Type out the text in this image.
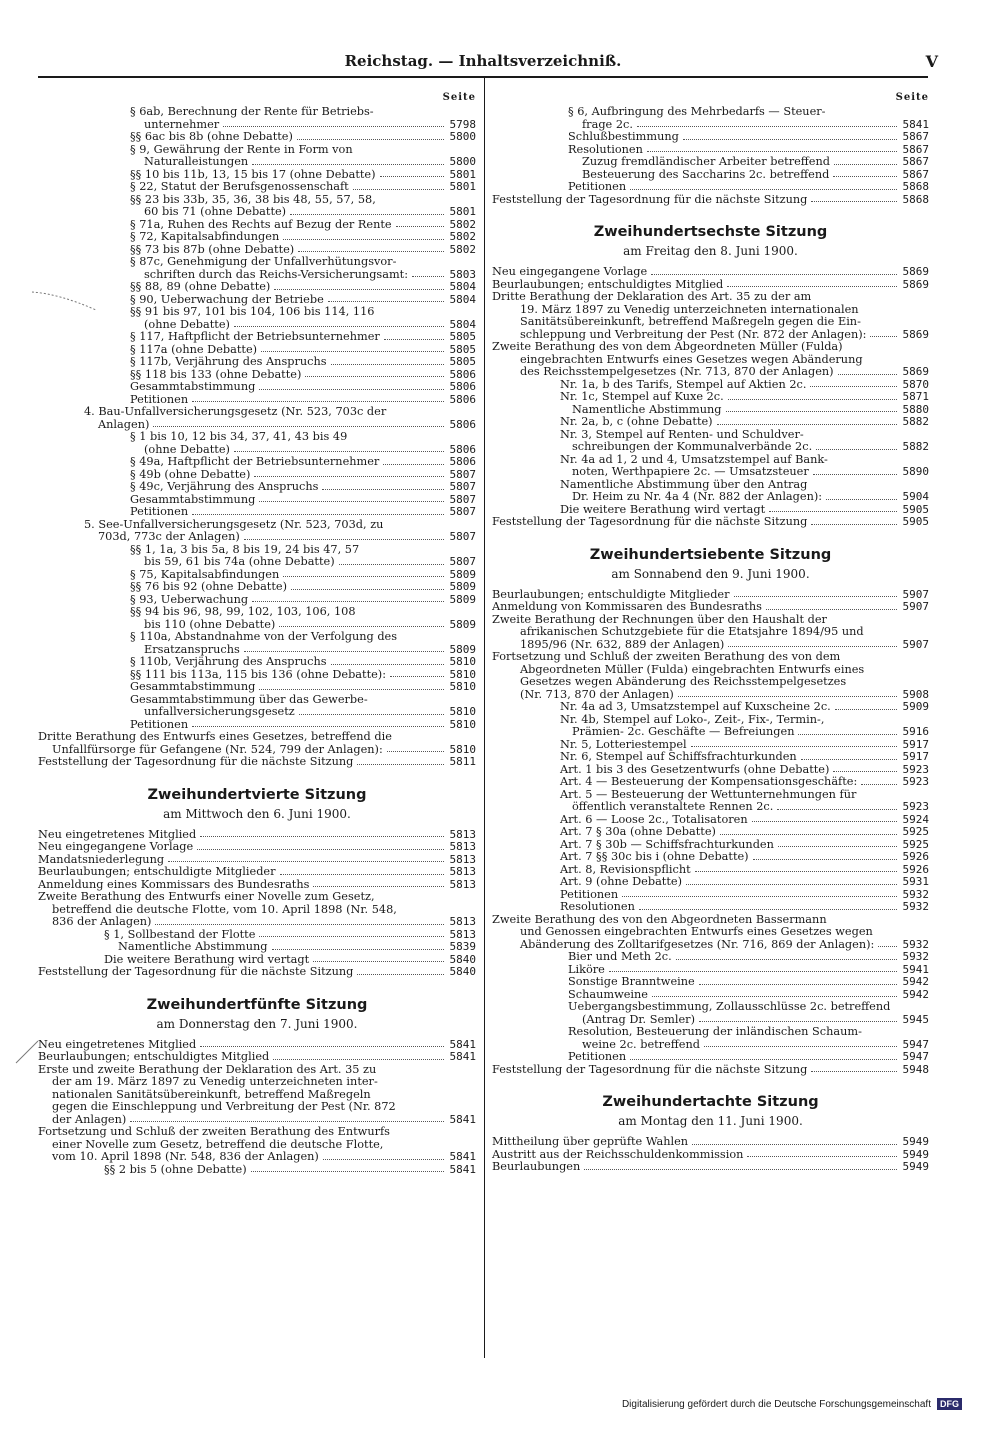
Reichstag. — Inhaltsverzeichniß.	V
Seite
§ 6ab, Berechnung der Rente für Betriebs-
unternehmer	5798
§§ 6ac bis 8b (ohne Debatte)	5800
§ 9, Gewährung der Rente in Form von
Naturalleistungen	5800
§§ 10 bis 11b, 13, 15 bis 17 (ohne Debatte)	5801
§ 22, Statut der Berufsgenossenschaft	5801
§§ 23 bis 33b, 35, 36, 38 bis 48, 55, 57, 58,
60 bis 71 (ohne Debatte)	5801
§ 71a, Ruhen des Rechts auf Bezug der Rente	5802
§ 72, Kapitalsabfindungen	5802
§§ 73 bis 87b (ohne Debatte)	5802
§ 87c, Genehmigung der Unfallverhütungsvor-
schriften durch das Reichs-Versicherungsamt:	5803
§§ 88, 89 (ohne Debatte)	5804
§ 90, Ueberwachung der Betriebe	5804
§§ 91 bis 97, 101 bis 104, 106 bis 114, 116
(ohne Debatte)	5804
§ 117, Haftpflicht der Betriebsunternehmer	5805
§ 117a (ohne Debatte)	5805
§ 117b, Verjährung des Anspruchs	5805
§§ 118 bis 133 (ohne Debatte)	5806
Gesammtabstimmung	5806
Petitionen	5806
4. Bau-Unfallversicherungsgesetz (Nr. 523, 703c der
Anlagen)	5806
§ 1 bis 10, 12 bis 34, 37, 41, 43 bis 49
(ohne Debatte)	5806
§ 49a, Haftpflicht der Betriebsunternehmer	5806
§ 49b (ohne Debatte)	5807
§ 49c, Verjährung des Anspruchs	5807
Gesammtabstimmung	5807
Petitionen	5807
5. See-Unfallversicherungsgesetz (Nr. 523, 703d, zu
703d, 773c der Anlagen)	5807
§§ 1, 1a, 3 bis 5a, 8 bis 19, 24 bis 47, 57
bis 59, 61 bis 74a (ohne Debatte)	5807
§ 75, Kapitalsabfindungen	5809
§§ 76 bis 92 (ohne Debatte)	5809
§ 93, Ueberwachung	5809
§§ 94 bis 96, 98, 99, 102, 103, 106, 108
bis 110 (ohne Debatte)	5809
§ 110a, Abstandnahme von der Verfolgung des
Ersatzanspruchs	5809
§ 110b, Verjährung des Anspruchs	5810
§§ 111 bis 113a, 115 bis 136 (ohne Debatte):	5810
Gesammtabstimmung	5810
Gesammtabstimmung über das Gewerbe-
unfallversicherungsgesetz	5810
Petitionen	5810
Dritte Berathung des Entwurfs eines Gesetzes, betreffend die
Unfallfürsorge für Gefangene (Nr. 524, 799 der Anlagen):	5810
Feststellung der Tagesordnung für die nächste Sitzung	5811
Zweihundertvierte Sitzung
am Mittwoch den 6. Juni 1900.
Neu eingetretenes Mitglied	5813
Neu eingegangene Vorlage	5813
Mandatsniederlegung	5813
Beurlaubungen; entschuldigte Mitglieder	5813
Anmeldung eines Kommissars des Bundesraths	5813
Zweite Berathung des Entwurfs einer Novelle zum Gesetz,
betreffend die deutsche Flotte, vom 10. April 1898 (Nr. 548,
836 der Anlagen)	5813
§ 1, Sollbestand der Flotte	5813
Namentliche Abstimmung	5839
Die weitere Berathung wird vertagt	5840
Feststellung der Tagesordnung für die nächste Sitzung	5840
Zweihundertfünfte Sitzung
am Donnerstag den 7. Juni 1900.
Neu eingetretenes Mitglied	5841
Beurlaubungen; entschuldigtes Mitglied	5841
Erste und zweite Berathung der Deklaration des Art. 35 zu
der am 19. März 1897 zu Venedig unterzeichneten inter-
nationalen Sanitätsübereinkunft, betreffend Maßregeln
gegen die Einschleppung und Verbreitung der Pest (Nr. 872
der Anlagen)	5841
Fortsetzung und Schluß der zweiten Berathung des Entwurfs
einer Novelle zum Gesetz, betreffend die deutsche Flotte,
vom 10. April 1898 (Nr. 548, 836 der Anlagen)	5841
§§ 2 bis 5 (ohne Debatte)	5841
Seite
§ 6, Aufbringung des Mehrbedarfs — Steuer-
frage 2c.	5841
Schlußbestimmung	5867
Resolutionen	5867
Zuzug fremdländischer Arbeiter betreffend	5867
Besteuerung des Saccharins 2c. betreffend	5867
Petitionen	5868
Feststellung der Tagesordnung für die nächste Sitzung	5868
Zweihundertsechste Sitzung
am Freitag den 8. Juni 1900.
Neu eingegangene Vorlage	5869
Beurlaubungen; entschuldigtes Mitglied	5869
Dritte Berathung der Deklaration des Art. 35 zu der am
19. März 1897 zu Venedig unterzeichneten internationalen
Sanitätsübereinkunft, betreffend Maßregeln gegen die Ein-
schleppung und Verbreitung der Pest (Nr. 872 der Anlagen):	5869
Zweite Berathung des von dem Abgeordneten Müller (Fulda)
eingebrachten Entwurfs eines Gesetzes wegen Abänderung
des Reichsstempelgesetzes (Nr. 713, 870 der Anlagen)	5869
Nr. 1a, b des Tarifs, Stempel auf Aktien 2c.	5870
Nr. 1c, Stempel auf Kuxe 2c.	5871
Namentliche Abstimmung	5880
Nr. 2a, b, c (ohne Debatte)	5882
Nr. 3, Stempel auf Renten- und Schuldver-
schreibungen der Kommunalverbände 2c.	5882
Nr. 4a ad 1, 2 und 4, Umsatzstempel auf Bank-
noten, Werthpapiere 2c. — Umsatzsteuer	5890
Namentliche Abstimmung über den Antrag
Dr. Heim zu Nr. 4a 4 (Nr. 882 der Anlagen):	5904
Die weitere Berathung wird vertagt	5905
Feststellung der Tagesordnung für die nächste Sitzung	5905
Zweihundertsiebente Sitzung
am Sonnabend den 9. Juni 1900.
Beurlaubungen; entschuldigte Mitglieder	5907
Anmeldung von Kommissaren des Bundesraths	5907
Zweite Berathung der Rechnungen über den Haushalt der
afrikanischen Schutzgebiete für die Etatsjahre 1894/95 und
1895/96 (Nr. 632, 889 der Anlagen)	5907
Fortsetzung und Schluß der zweiten Berathung des von dem
Abgeordneten Müller (Fulda) eingebrachten Entwurfs eines
Gesetzes wegen Abänderung des Reichsstempelgesetzes
(Nr. 713, 870 der Anlagen)	5908
Nr. 4a ad 3, Umsatzstempel auf Kuxscheine 2c.	5909
Nr. 4b, Stempel auf Loko-, Zeit-, Fix-, Termin-,
Prämien- 2c. Geschäfte — Befreiungen	5916
Nr. 5, Lotteriestempel	5917
Nr. 6, Stempel auf Schiffsfrachturkunden	5917
Art. 1 bis 3 des Gesetzentwurfs (ohne Debatte)	5923
Art. 4 — Besteuerung der Kompensationsgeschäfte:	5923
Art. 5 — Besteuerung der Wettunternehmungen für
öffentlich veranstaltete Rennen 2c.	5923
Art. 6 — Loose 2c., Totalisatoren	5924
Art. 7 § 30a (ohne Debatte)	5925
Art. 7 § 30b — Schiffsfrachturkunden	5925
Art. 7 §§ 30c bis i (ohne Debatte)	5926
Art. 8, Revisionspflicht	5926
Art. 9 (ohne Debatte)	5931
Petitionen	5932
Resolutionen	5932
Zweite Berathung des von den Abgeordneten Bassermann
und Genossen eingebrachten Entwurfs eines Gesetzes wegen
Abänderung des Zolltarifgesetzes (Nr. 716, 869 der Anlagen):	5932
Bier und Meth 2c.	5932
Liköre	5941
Sonstige Branntweine	5942
Schaumweine	5942
Uebergangsbestimmung, Zollausschlüsse 2c. betreffend
(Antrag Dr. Semler)	5945
Resolution, Besteuerung der inländischen Schaum-
weine 2c. betreffend	5947
Petitionen	5947
Feststellung der Tagesordnung für die nächste Sitzung	5948
Zweihundertachte Sitzung
am Montag den 11. Juni 1900.
Mittheilung über geprüfte Wahlen	5949
Austritt aus der Reichsschuldenkommission	5949
Beurlaubungen	5949
Digitalisierung gefördert durch die Deutsche Forschungsgemeinschaft	DFG
